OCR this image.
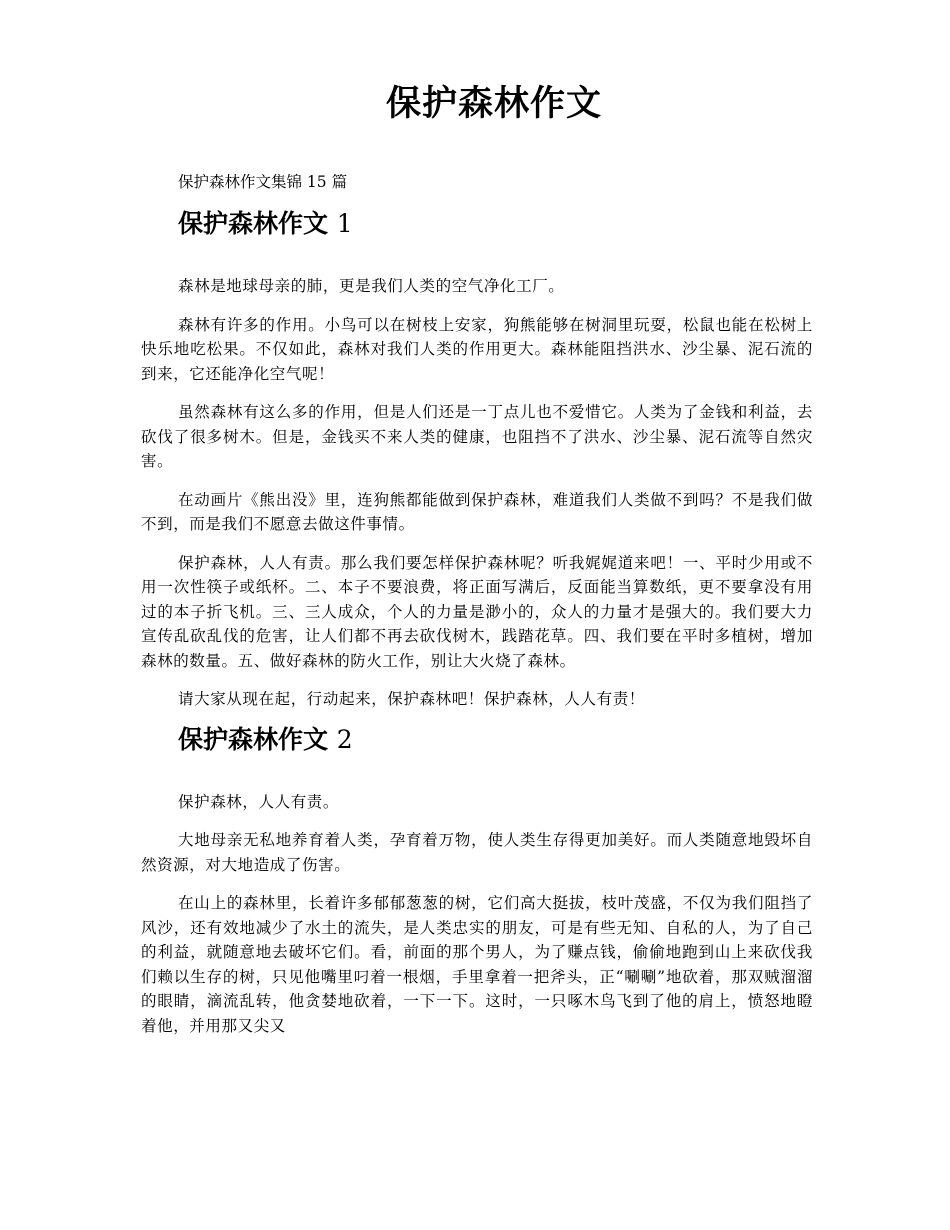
保护森林作文

保护森林作文集锦 15 篇

保护森林作文 1

森林是地球母亲的肺，更是我们人类的空气净化工厂。

森林有许多的作用。小鸟可以在树枝上安家，狗熊能够在树洞里玩耍，松鼠也能在松树上快乐地吃松果。不仅如此，森林对我们人类的作用更大。森林能阻挡洪水、沙尘暴、泥石流的到来，它还能净化空气呢！

虽然森林有这么多的作用，但是人们还是一丁点儿也不爱惜它。人类为了金钱和利益，去砍伐了很多树木。但是，金钱买不来人类的健康，也阻挡不了洪水、沙尘暴、泥石流等自然灾害。

在动画片《熊出没》里，连狗熊都能做到保护森林，难道我们人类做不到吗？不是我们做不到，而是我们不愿意去做这件事情。

保护森林，人人有责。那么我们要怎样保护森林呢？听我娓娓道来吧！一、平时少用或不用一次性筷子或纸杯。二、本子不要浪费，将正面写满后，反面能当算数纸，更不要拿没有用过的本子折飞机。三、三人成众，个人的力量是渺小的，众人的力量才是强大的。我们要大力宣传乱砍乱伐的危害，让人们都不再去砍伐树木，践踏花草。四、我们要在平时多植树，增加森林的数量。五、做好森林的防火工作，别让大火烧了森林。

请大家从现在起，行动起来，保护森林吧！保护森林，人人有责！

保护森林作文 2

保护森林，人人有责。

大地母亲无私地养育着人类，孕育着万物，使人类生存得更加美好。而人类随意地毁坏自然资源，对大地造成了伤害。

在山上的森林里，长着许多郁郁葱葱的树，它们高大挺拔，枝叶茂盛，不仅为我们阻挡了风沙，还有效地减少了水土的流失，是人类忠实的朋友，可是有些无知、自私的人，为了自己的利益，就随意地去破坏它们。看，前面的那个男人，为了赚点钱，偷偷地跑到山上来砍伐我们赖以生存的树，只见他嘴里叼着一根烟，手里拿着一把斧头，正“唰唰”地砍着，那双贼溜溜的眼睛，滴流乱转，他贪婪地砍着，一下一下。这时，一只啄木鸟飞到了他的肩上，愤怒地瞪着他，并用那又尖又
